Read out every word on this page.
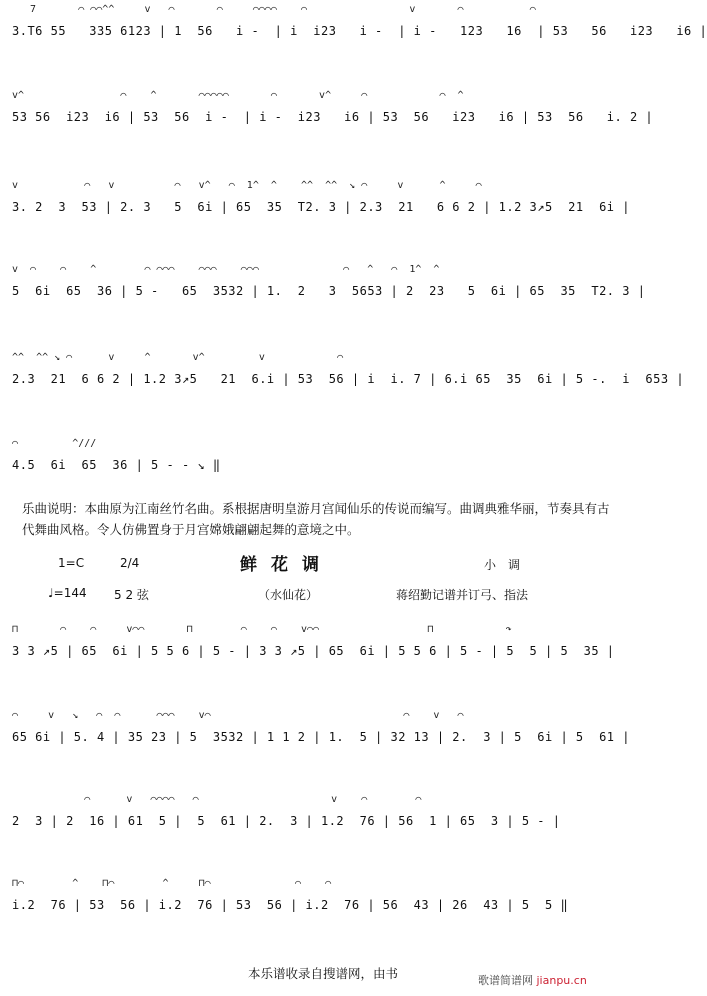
7       ⌒ ⌒⌒^^     v   ⌒       ⌒     ⌒⌒⌒⌒    ⌒                 v       ⌒           ⌒
3.T6 55   335 6123 | 1  56   i -  | i  i23   i -  | i -   123   16  | 53   56   i23   i6 |
v^                ⌒    ^       ⌒⌒⌒⌒⌒       ⌒       v^     ⌒            ⌒  ^
53 56  i23  i6 | 53  56  i -  | i -  i23   i6 | 53  56   i23   i6 | 53  56   i. 2 |
v           ⌒   v          ⌒   v^   ⌒  1^  ^    ^^  ^^  ↘ ⌒     v      ^     ⌒
3. 2  3  53 | 2. 3   5  6i | 65  35  T2. 3 | 2.3  21   6 6 2 | 1.2 3↗5  21  6i |
v  ⌒    ⌒    ^        ⌒ ⌒⌒⌒    ⌒⌒⌒    ⌒⌒⌒              ⌒   ^   ⌒  1^  ^
5  6i  65  36 | 5 -   65  3532 | 1.  2   3  5653 | 2  23   5  6i | 65  35  T2. 3 |
^^  ^^ ↘ ⌒      v     ^       v^         v            ⌒
2.3  21  6 6 2 | 1.2 3↗5   21  6.i | 53  56 | i  i. 7 | 6.i 65  35  6i | 5 -.  i  653 |
⌒         ^///
4.5  6i  65  36 | 5 - - ↘ ‖
乐曲说明：本曲原为江南丝竹名曲。系根据唐明皇游月宫闻仙乐的传说而编写。曲调典雅华丽，节奏具有古代舞曲风格。令人仿佛置身于月宫嫦娥翩翩起舞的意境之中。
1=C	2/4	鲜花调	小　调
♩=144 5 2 弦	（水仙花）	蒋绍勤记谱并订弓、指法
⊓       ⌒    ⌒     v⌒⌒       ⊓        ⌒    ⌒    v⌒⌒                  ⊓            ↷
3 3 ↗5 | 65  6i | 5 5 6 | 5 - | 3 3 ↗5 | 65  6i | 5 5 6 | 5 - | 5  5 | 5  35 |
⌒     v   ↘   ⌒  ⌒      ⌒⌒⌒    v⌒                                ⌒    v   ⌒
65 6i | 5. 4 | 35 23 | 5  3532 | 1 1 2 | 1.  5 | 32 13 | 2.  3 | 5  6i | 5  61 |
⌒      v   ⌒⌒⌒⌒   ⌒                      v    ⌒        ⌒
2  3 | 2  16 | 61  5 |  5  61 | 2.  3 | 1.2  76 | 56  1 | 65  3 | 5 - |
⊓⌒        ^    ⊓⌒        ^     ⊓⌒              ⌒    ⌒
i.2  76 | 53  56 | i.2  76 | 53  56 | i.2  76 | 56  43 | 26  43 | 5  5 ‖
本乐谱收录自搜谱网，由书	歌谱简谱网 jianpu.cn
